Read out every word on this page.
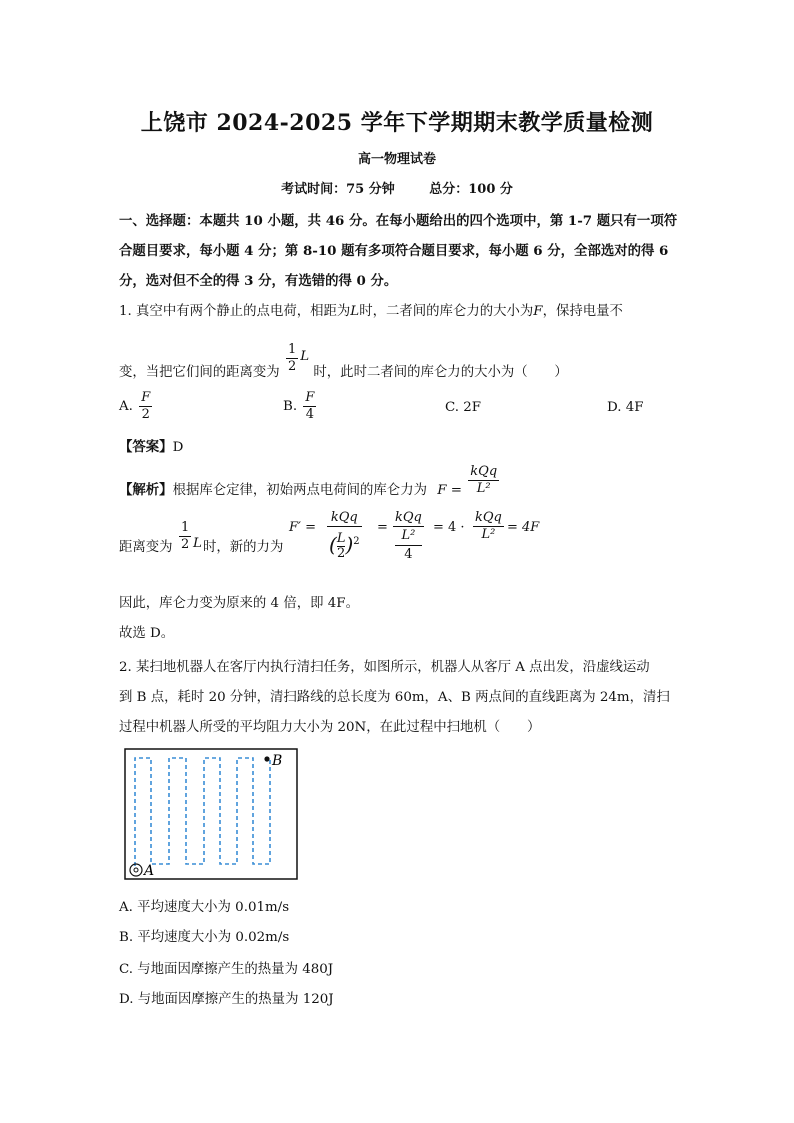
上饶市 2024-2025 学年下学期期末教学质量检测
高一物理试卷
考试时间：75 分钟	总分：100 分
一、选择题：本题共 10 小题，共 46 分。在每小题给出的四个选项中，第 1-7 题只有一项符合题目要求，每小题 4 分；第 8-10 题有多项符合题目要求，每小题 6 分，全部选对的得 6 分，选对但不全的得 3 分，有选错的得 0 分。
1. 真空中有两个静止的点电荷，相距为L时，二者间的库仑力的大小为F，保持电量不
变，当把它们间的距离变为 $\frac{1}{2}$ L 时，此时二者间的库仑力的大小为（　　）
A. $\frac{F}{2}$	B. $\frac{F}{4}$	C. 2F	D. 4F
【答案】D
【解析】根据库仑定律，初始两点电荷间的库仑力为 $F = \frac{\text{kQq}}{\text{L²}}$
距离变为 $\frac{1}{2}$ L 时，新的力为
F′ =
kQq
( $\frac{L}{2} )^2$
=
kQq
L²
4
= 4 ·
kQq
L² = 4F
因此，库仑力变为原来的 4 倍，即 4F。
故选 D。
2. 某扫地机器人在客厅内执行清扫任务，如图所示，机器人从客厅 A 点出发，沿虚线运动
到 B 点，耗时 20 分钟，清扫路线的总长度为 60m，A、B 两点间的直线距离为 24m，清扫
过程中机器人所受的平均阻力大小为 20N，在此过程中扫地机（　　）
A
B
A. 平均速度大小为 0.01m/s
B. 平均速度大小为 0.02m/s
C. 与地面因摩擦产生的热量为 480J
D. 与地面因摩擦产生的热量为 120J
